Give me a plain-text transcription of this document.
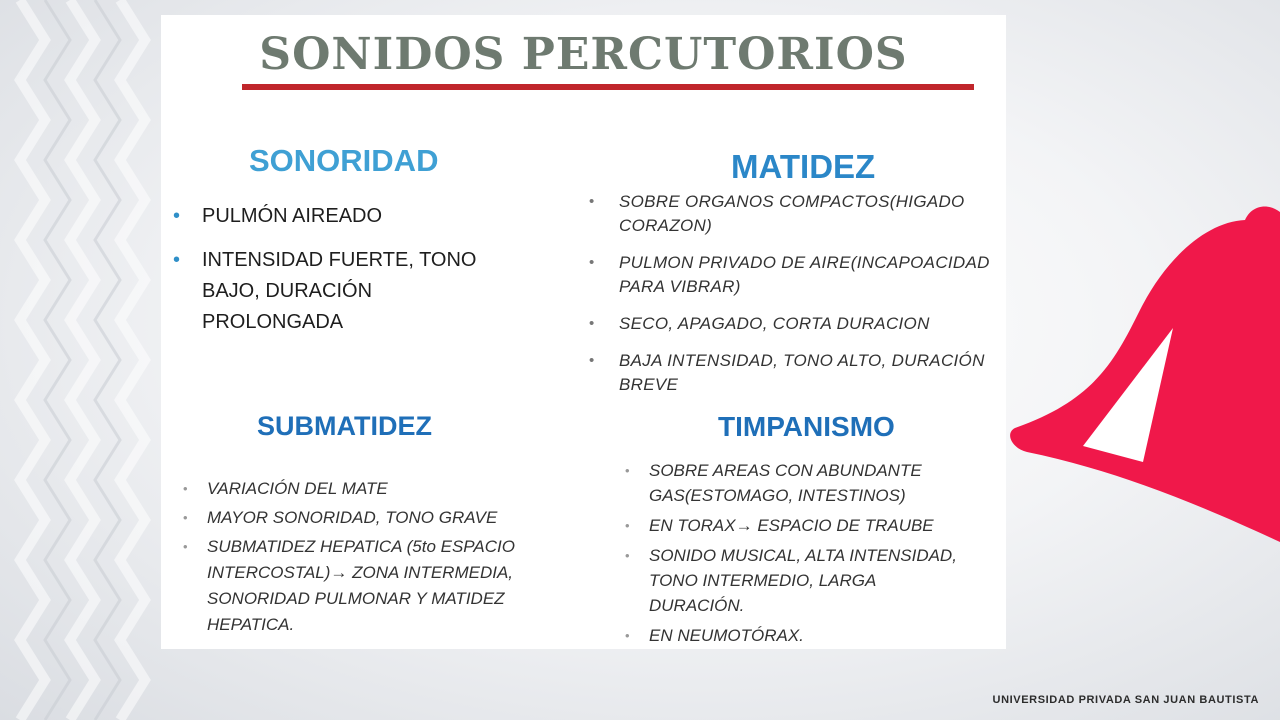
SONIDOS PERCUTORIOS
SONORIDAD
• PULMÓN AIREADO
• INTENSIDAD FUERTE, TONO BAJO, DURACIÓN PROLONGADA
MATIDEZ
• SOBRE ORGANOS COMPACTOS(HIGADO CORAZON)
• PULMON PRIVADO DE AIRE(INCAPOACIDAD PARA VIBRAR)
• SECO, APAGADO, CORTA DURACION
• BAJA INTENSIDAD, TONO ALTO, DURACIÓN BREVE
SUBMATIDEZ
• VARIACIÓN DEL MATE
• MAYOR SONORIDAD, TONO GRAVE
• SUBMATIDEZ HEPATICA (5to ESPACIO INTERCOSTAL)→ ZONA INTERMEDIA, SONORIDAD PULMONAR Y MATIDEZ HEPATICA.
TIMPANISMO
• SOBRE AREAS CON ABUNDANTE GAS(ESTOMAGO, INTESTINOS)
• EN TORAX→ ESPACIO DE TRAUBE
• SONIDO MUSICAL, ALTA INTENSIDAD, TONO INTERMEDIO, LARGA DURACIÓN.
• EN NEUMOTÓRAX.

UNIVERSIDAD PRIVADA SAN JUAN BAUTISTA
